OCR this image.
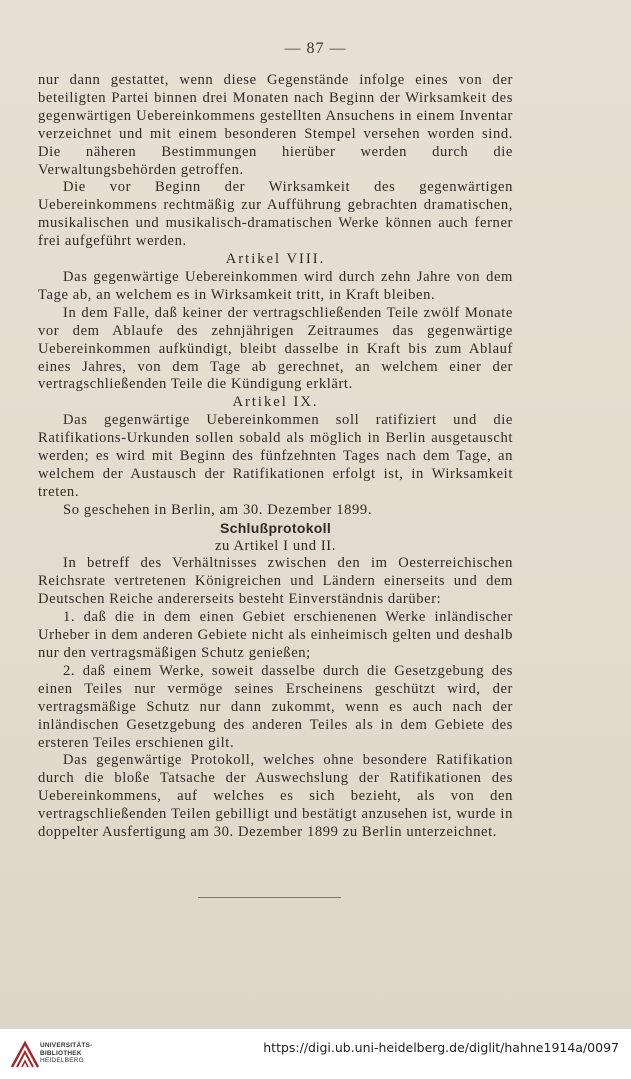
— 87 —

nur dann gestattet, wenn diese Gegenstände infolge eines von der beteiligten Partei binnen drei Monaten nach Beginn der Wirksamkeit des gegenwärtigen Uebereinkommens gestellten Ansuchens in einem Inventar verzeichnet und mit einem besonderen Stempel versehen worden sind. Die näheren Bestimmungen hierüber werden durch die Verwaltungsbehörden getroffen.

Die vor Beginn der Wirksamkeit des gegenwärtigen Uebereinkommens rechtmäßig zur Aufführung gebrachten dramatischen, musikalischen und musikalisch-dramatischen Werke können auch ferner frei aufgeführt werden.

Artikel VIII.

Das gegenwärtige Uebereinkommen wird durch zehn Jahre von dem Tage ab, an welchem es in Wirksamkeit tritt, in Kraft bleiben.

In dem Falle, daß keiner der vertragschließenden Teile zwölf Monate vor dem Ablaufe des zehnjährigen Zeitraumes das gegenwärtige Uebereinkommen aufkündigt, bleibt dasselbe in Kraft bis zum Ablauf eines Jahres, von dem Tage ab gerechnet, an welchem einer der vertragschließenden Teile die Kündigung erklärt.

Artikel IX.

Das gegenwärtige Uebereinkommen soll ratifiziert und die Ratifikations-Urkunden sollen sobald als möglich in Berlin ausgetauscht werden; es wird mit Beginn des fünfzehnten Tages nach dem Tage, an welchem der Austausch der Ratifikationen erfolgt ist, in Wirksamkeit treten.

So geschehen in Berlin, am 30. Dezember 1899.

Schlußprotokoll

zu Artikel I und II.

In betreff des Verhältnisses zwischen den im Oesterreichischen Reichsrate vertretenen Königreichen und Ländern einerseits und dem Deutschen Reiche andererseits besteht Einverständnis darüber:

1. daß die in dem einen Gebiet erschienenen Werke inländischer Urheber in dem anderen Gebiete nicht als einheimisch gelten und deshalb nur den vertragsmäßigen Schutz genießen;

2. daß einem Werke, soweit dasselbe durch die Gesetzgebung des einen Teiles nur vermöge seines Erscheinens geschützt wird, der vertragsmäßige Schutz nur dann zukommt, wenn es auch nach der inländischen Gesetzgebung des anderen Teiles als in dem Gebiete des ersteren Teiles erschienen gilt.

Das gegenwärtige Protokoll, welches ohne besondere Ratifikation durch die bloße Tatsache der Auswechslung der Ratifikationen des Uebereinkommens, auf welches es sich bezieht, als von den vertragschließenden Teilen gebilligt und bestätigt anzusehen ist, wurde in doppelter Ausfertigung am 30. Dezember 1899 zu Berlin unterzeichnet.

UNIVERSITÄTS-
BIBLIOTHEK
HEIDELBERG
https://digi.ub.uni-heidelberg.de/diglit/hahne1914a/0097
